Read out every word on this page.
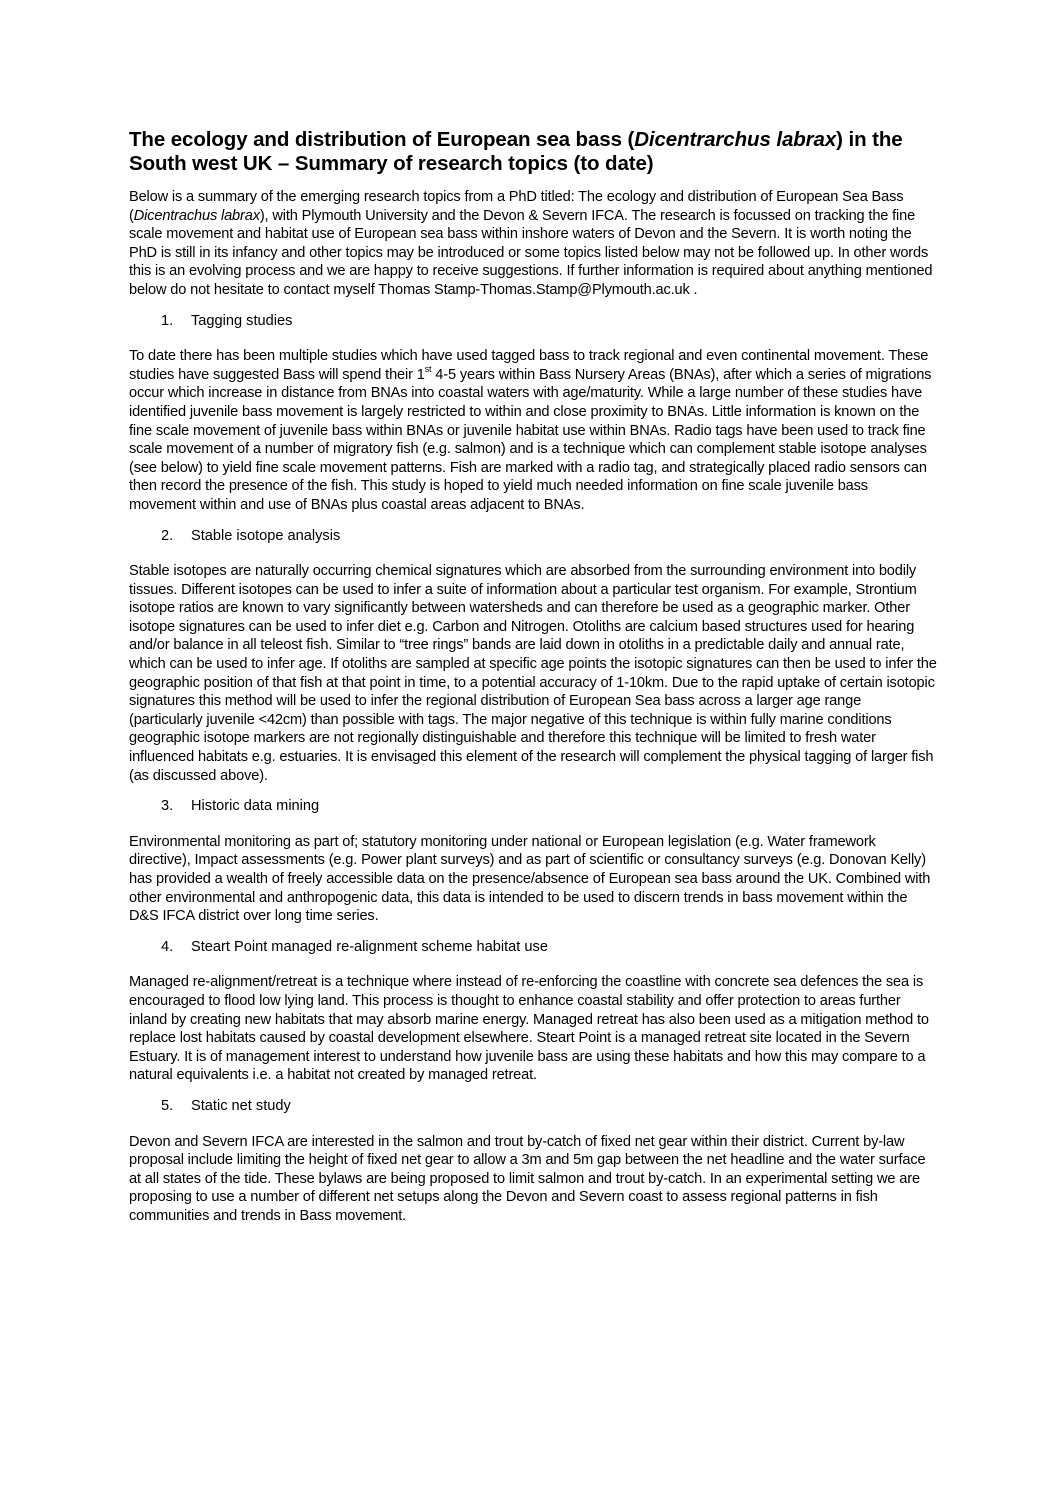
The ecology and distribution of European sea bass (Dicentrarchus labrax) in the South west UK – Summary of research topics (to date)

Below is a summary of the emerging research topics from a PhD titled: The ecology and distribution of European Sea Bass (Dicentrachus labrax), with Plymouth University and the Devon & Severn IFCA. The research is focussed on tracking the fine scale movement and habitat use of European sea bass within inshore waters of Devon and the Severn. It is worth noting the PhD is still in its infancy and other topics may be introduced or some topics listed below may not be followed up. In other words this is an evolving process and we are happy to receive suggestions. If further information is required about anything mentioned below do not hesitate to contact myself Thomas Stamp-Thomas.Stamp@Plymouth.ac.uk .

1.	Tagging studies

To date there has been multiple studies which have used tagged bass to track regional and even continental movement. These studies have suggested Bass will spend their 1st 4-5 years within Bass Nursery Areas (BNAs), after which a series of migrations occur which increase in distance from BNAs into coastal waters with age/maturity. While a large number of these studies have identified juvenile bass movement is largely restricted to within and close proximity to BNAs. Little information is known on the fine scale movement of juvenile bass within BNAs or juvenile habitat use within BNAs. Radio tags have been used to track fine scale movement of a number of migratory fish (e.g. salmon) and is a technique which can complement stable isotope analyses (see below) to yield fine scale movement patterns. Fish are marked with a radio tag, and strategically placed radio sensors can then record the presence of the fish. This study is hoped to yield much needed information on fine scale juvenile bass movement within and use of BNAs plus coastal areas adjacent to BNAs.

2.	Stable isotope analysis

Stable isotopes are naturally occurring chemical signatures which are absorbed from the surrounding environment into bodily tissues. Different isotopes can be used to infer a suite of information about a particular test organism. For example, Strontium isotope ratios are known to vary significantly between watersheds and can therefore be used as a geographic marker. Other isotope signatures can be used to infer diet e.g. Carbon and Nitrogen. Otoliths are calcium based structures used for hearing and/or balance in all teleost fish. Similar to “tree rings” bands are laid down in otoliths in a predictable daily and annual rate, which can be used to infer age. If otoliths are sampled at specific age points the isotopic signatures can then be used to infer the geographic position of that fish at that point in time, to a potential accuracy of 1-10km. Due to the rapid uptake of certain isotopic signatures this method will be used to infer the regional distribution of European Sea bass across a larger age range (particularly juvenile <42cm) than possible with tags. The major negative of this technique is within fully marine conditions geographic isotope markers are not regionally distinguishable and therefore this technique will be limited to fresh water influenced habitats e.g. estuaries. It is envisaged this element of the research will complement the physical tagging of larger fish (as discussed above).

3.	Historic data mining

Environmental monitoring as part of; statutory monitoring under national or European legislation (e.g. Water framework directive), Impact assessments (e.g. Power plant surveys) and as part of scientific or consultancy surveys (e.g. Donovan Kelly) has provided a wealth of freely accessible data on the presence/absence of European sea bass around the UK. Combined with other environmental and anthropogenic data, this data is intended to be used to discern trends in bass movement within the D&S IFCA district over long time series.

4.	Steart Point managed re-alignment scheme habitat use

Managed re-alignment/retreat is a technique where instead of re-enforcing the coastline with concrete sea defences the sea is encouraged to flood low lying land. This process is thought to enhance coastal stability and offer protection to areas further inland by creating new habitats that may absorb marine energy. Managed retreat has also been used as a mitigation method to replace lost habitats caused by coastal development elsewhere. Steart Point is a managed retreat site located in the Severn Estuary. It is of management interest to understand how juvenile bass are using these habitats and how this may compare to a natural equivalents i.e. a habitat not created by managed retreat.

5.	Static net study

Devon and Severn IFCA are interested in the salmon and trout by-catch of fixed net gear within their district. Current by-law proposal include limiting the height of fixed net gear to allow a 3m and 5m gap between the net headline and the water surface at all states of the tide. These bylaws are being proposed to limit salmon and trout by-catch. In an experimental setting we are proposing to use a number of different net setups along the Devon and Severn coast to assess regional patterns in fish communities and trends in Bass movement.
